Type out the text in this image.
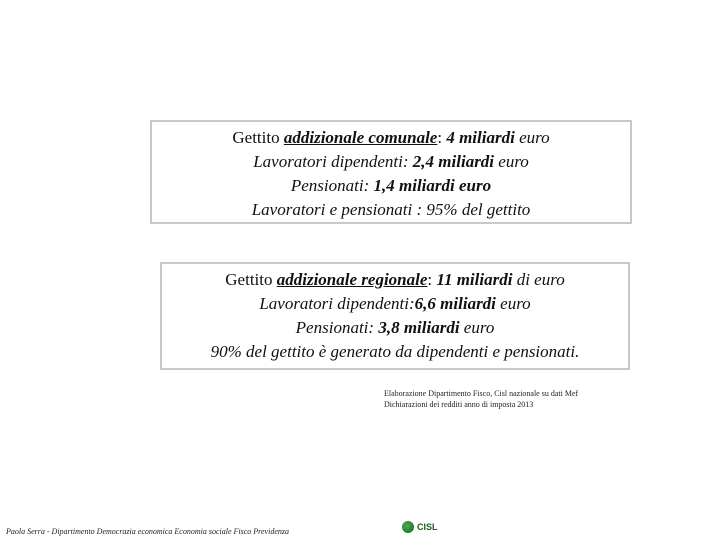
Gettito addizionale comunale: 4 miliardi euro
Lavoratori dipendenti: 2,4 miliardi euro
Pensionati: 1,4 miliardi euro
Lavoratori e pensionati : 95% del gettito
Gettito addizionale regionale: 11 miliardi di euro
Lavoratori dipendenti:6,6 miliardi euro
Pensionati: 3,8 miliardi euro
90% del gettito è generato da dipendenti e pensionati.
Elaborazione Dipartimento Fisco, Cisl nazionale su dati Mef
Dichiarazioni dei redditi anno di imposta 2013
Paola Serra - Dipartimento Democrazia economica Economia sociale Fisco Previdenza	CISL
